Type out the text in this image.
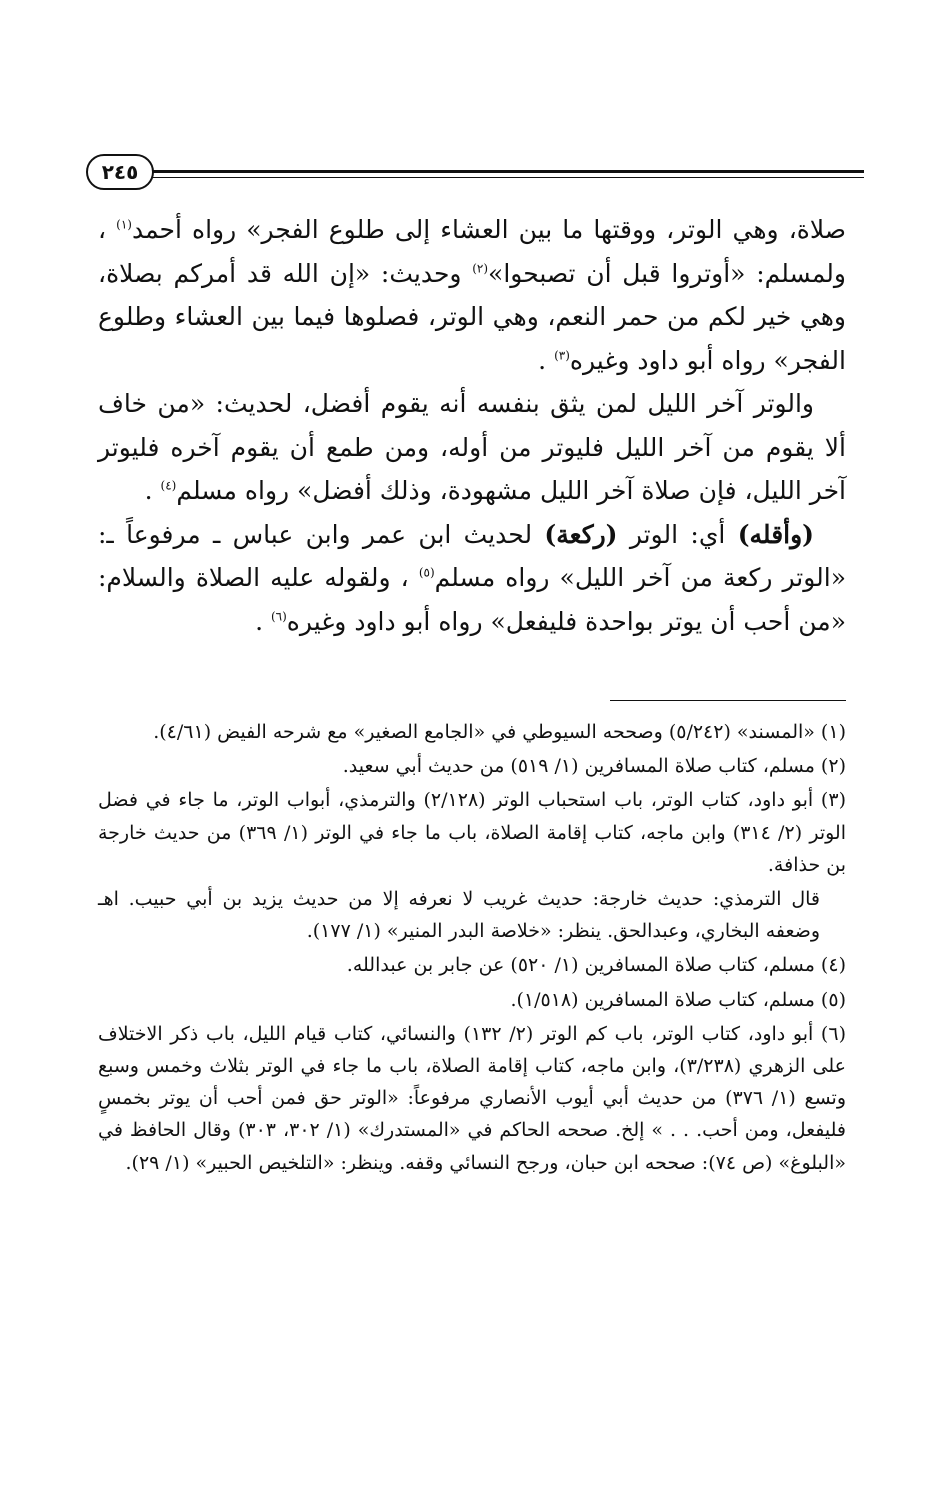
٢٤٥

صلاة، وهي الوتر، ووقتها ما بين العشاء إلى طلوع الفجر» رواه أحمد$^{(١)}$ ، ولمسلم: «أوتروا قبل أن تصبحوا»$^{(٢)}$ وحديث: «إن الله قد أمركم بصلاة، وهي خير لكم من حمر النعم، وهي الوتر، فصلوها فيما بين العشاء وطلوع الفجر» رواه أبو داود وغيره$^{(٣)}$ .

والوتر آخر الليل لمن يثق بنفسه أنه يقوم أفضل، لحديث: «من خاف ألا يقوم من آخر الليل فليوتر من أوله، ومن طمع أن يقوم آخره فليوتر آخر الليل، فإن صلاة آخر الليل مشهودة، وذلك أفضل» رواه مسلم$^{(٤)}$ .

(وأقله) أي: الوتر (ركعة) لحديث ابن عمر وابن عباس ـ مرفوعاً ـ: «الوتر ركعة من آخر الليل» رواه مسلم$^{(٥)}$ ، ولقوله عليه الصلاة والسلام: «من أحب أن يوتر بواحدة فليفعل» رواه أبو داود وغيره$^{(٦)}$ .

(١) «المسند» (٥/٢٤٢) وصححه السيوطي في «الجامع الصغير» مع شرحه الفيض (٤/٦١).

(٢) مسلم، كتاب صلاة المسافرين (١/ ٥١٩) من حديث أبي سعيد.

(٣) أبو داود، كتاب الوتر، باب استحباب الوتر (٢/١٢٨) والترمذي، أبواب الوتر، ما جاء في فضل الوتر (٢/ ٣١٤) وابن ماجه، كتاب إقامة الصلاة، باب ما جاء في الوتر (١/ ٣٦٩) من حديث خارجة بن حذافة.

قال الترمذي: حديث خارجة: حديث غريب لا نعرفه إلا من حديث يزيد بن أبي حبيب. اهـ وضعفه البخاري، وعبدالحق. ينظر: «خلاصة البدر المنير» (١/ ١٧٧).

(٤) مسلم، كتاب صلاة المسافرين (١/ ٥٢٠) عن جابر بن عبدالله.

(٥) مسلم، كتاب صلاة المسافرين (١/٥١٨).

(٦) أبو داود، كتاب الوتر، باب كم الوتر (٢/ ١٣٢) والنسائي، كتاب قيام الليل، باب ذكر الاختلاف على الزهري (٣/٢٣٨)، وابن ماجه، كتاب إقامة الصلاة، باب ما جاء في الوتر بثلاث وخمس وسبع وتسع (١/ ٣٧٦) من حديث أبي أيوب الأنصاري مرفوعاً: «الوتر حق فمن أحب أن يوتر بخمسٍ فليفعل، ومن أحب. . . » إلخ. صححه الحاكم في «المستدرك» (١/ ٣٠٢، ٣٠٣) وقال الحافظ في «البلوغ» (ص ٧٤): صححه ابن حبان، ورجح النسائي وقفه. وينظر: «التلخيص الحبير» (١/ ٢٩).
